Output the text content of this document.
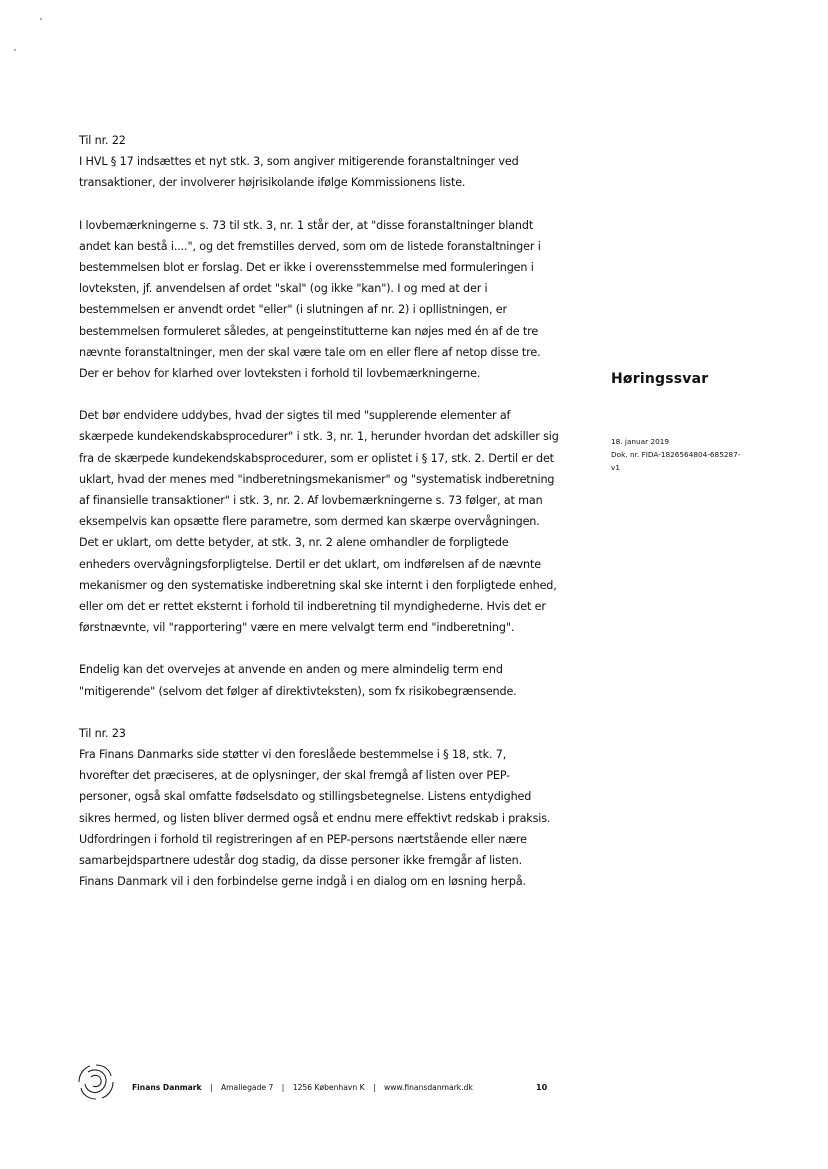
Til nr. 22
I HVL § 17 indsættes et nyt stk. 3, som angiver mitigerende foranstaltninger ved transaktioner, der involverer højrisikolande ifølge Kommissionens liste.

I lovbemærkningerne s. 73 til stk. 3, nr. 1 står der, at "disse foranstaltninger blandt andet kan bestå i....", og det fremstilles derved, som om de listede foranstaltninger i bestemmelsen blot er forslag. Det er ikke i overensstemmelse med formuleringen i lovteksten, jf. anvendelsen af ordet "skal" (og ikke "kan"). I og med at der i bestemmelsen er anvendt ordet "eller" (i slutningen af nr. 2) i opllistningen, er bestemmelsen formuleret således, at pengeinstitutterne kan nøjes med én af de tre nævnte foranstaltninger, men der skal være tale om en eller flere af netop disse tre. Der er behov for klarhed over lovteksten i forhold til lovbemærkningerne.

Det bør endvidere uddybes, hvad der sigtes til med "supplerende elementer af skærpede kundekendskabsprocedurer" i stk. 3, nr. 1, herunder hvordan det adskiller sig fra de skærpede kundekendskabsprocedurer, som er oplistet i § 17, stk. 2. Dertil er det uklart, hvad der menes med "indberetningsmekanismer" og "systematisk indberetning af finansielle transaktioner" i stk. 3, nr. 2. Af lovbemærkningerne s. 73 følger, at man eksempelvis kan opsætte flere parametre, som dermed kan skærpe overvågningen. Det er uklart, om dette betyder, at stk. 3, nr. 2 alene omhandler de forpligtede enheders overvågningsforpligtelse. Dertil er det uklart, om indførelsen af de nævnte mekanismer og den systematiske indberetning skal ske internt i den forpligtede enhed, eller om det er rettet eksternt i forhold til indberetning til myndighederne. Hvis det er førstnævnte, vil "rapportering" være en mere velvalgt term end "indberetning".

Endelig kan det overvejes at anvende en anden og mere almindelig term end "mitigerende" (selvom det følger af direktivteksten), som fx risikobegrænsende.

Til nr. 23
Fra Finans Danmarks side støtter vi den foreslåede bestemmelse i § 18, stk. 7, hvorefter det præciseres, at de oplysninger, der skal fremgå af listen over PEP-personer, også skal omfatte fødselsdato og stillingsbetegnelse. Listens entydighed sikres hermed, og listen bliver dermed også et endnu mere effektivt redskab i praksis. Udfordringen i forhold til registreringen af en PEP-persons nærtstående eller nære samarbejdspartnere udestår dog stadig, da disse personer ikke fremgår af listen. Finans Danmark vil i den forbindelse gerne indgå i en dialog om en løsning herpå.

Høringssvar
18. januar 2019
Dok. nr. FIDA-1826564804-685287-
v1
Finans Danmark | Amaliegade 7 | 1256 København K | www.finansdanmark.dk	10
